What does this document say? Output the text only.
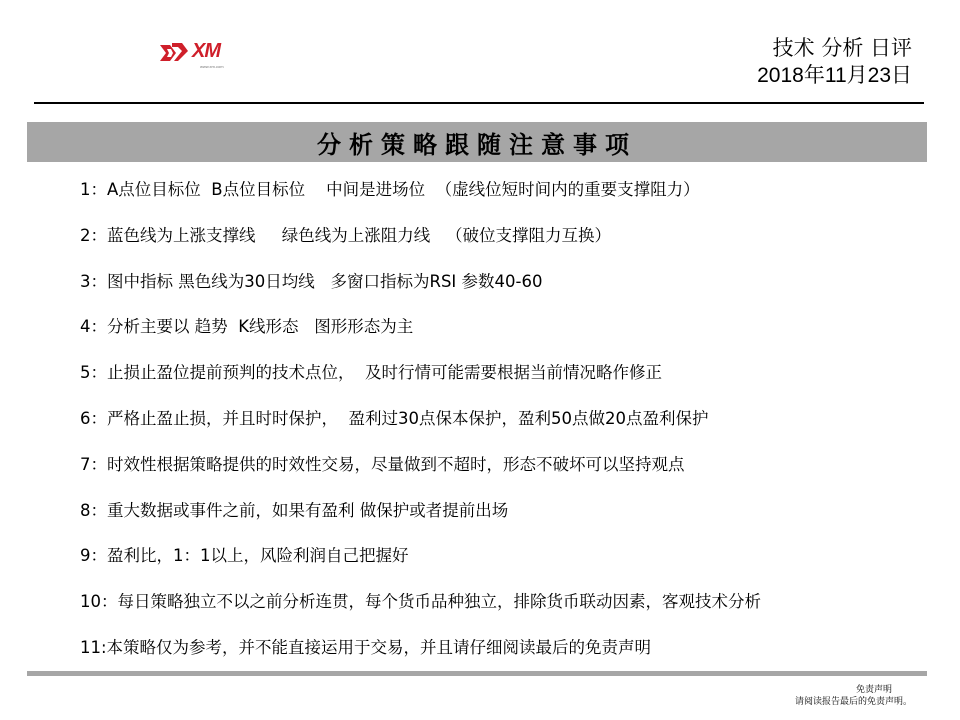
XM
www.xm.com
技术 分析 日评
2018年11月23日
分析策略跟随注意事项
1：A点位目标位  B点位目标位    中间是进场位  （虚线位短时间内的重要支撑阻力）
2：蓝色线为上涨支撑线     绿色线为上涨阻力线   （破位支撑阻力互换）
3：图中指标 黑色线为30日均线   多窗口指标为RSI 参数40-60
4：分析主要以 趋势  K线形态   图形形态为主
5：止损止盈位提前预判的技术点位，  及时行情可能需要根据当前情况略作修正
6：严格止盈止损，并且时时保护，  盈利过30点保本保护，盈利50点做20点盈利保护
7：时效性根据策略提供的时效性交易，尽量做到不超时，形态不破坏可以坚持观点
8：重大数据或事件之前，如果有盈利 做保护或者提前出场
9：盈利比，1：1以上，风险利润自己把握好
10：每日策略独立不以之前分析连贯，每个货币品种独立，排除货币联动因素，客观技术分析
11:本策略仅为参考，并不能直接运用于交易，并且请仔细阅读最后的免责声明
免责声明
请阅读报告最后的免责声明。
